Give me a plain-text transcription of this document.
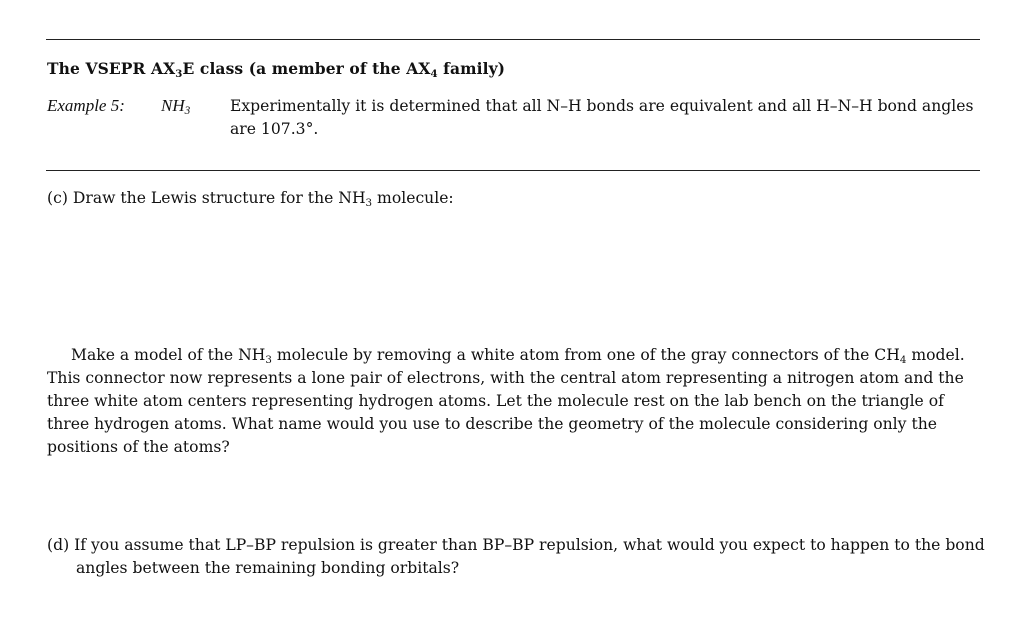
The VSEPR $AX_3E$ class (a member of the $AX_4$ family)
Example 5: $NH_3$	Experimentally it is determined that all N–H bonds are equivalent and all H–N–H bond angles are 107.3°.

(c) Draw the Lewis structure for the $NH_3$ molecule:

Make a model of the $NH_3$ molecule by removing a white atom from one of the gray connectors of the $CH_4$ model. This connector now represents a lone pair of electrons, with the central atom representing a nitrogen atom and the three white atom centers representing hydrogen atoms. Let the molecule rest on the lab bench on the triangle of three hydrogen atoms. What name would you use to describe the geometry of the molecule considering only the positions of the atoms?

(d) If you assume that LP–BP repulsion is greater than BP–BP repulsion, what would you expect to happen to the bond angles between the remaining bonding orbitals?
